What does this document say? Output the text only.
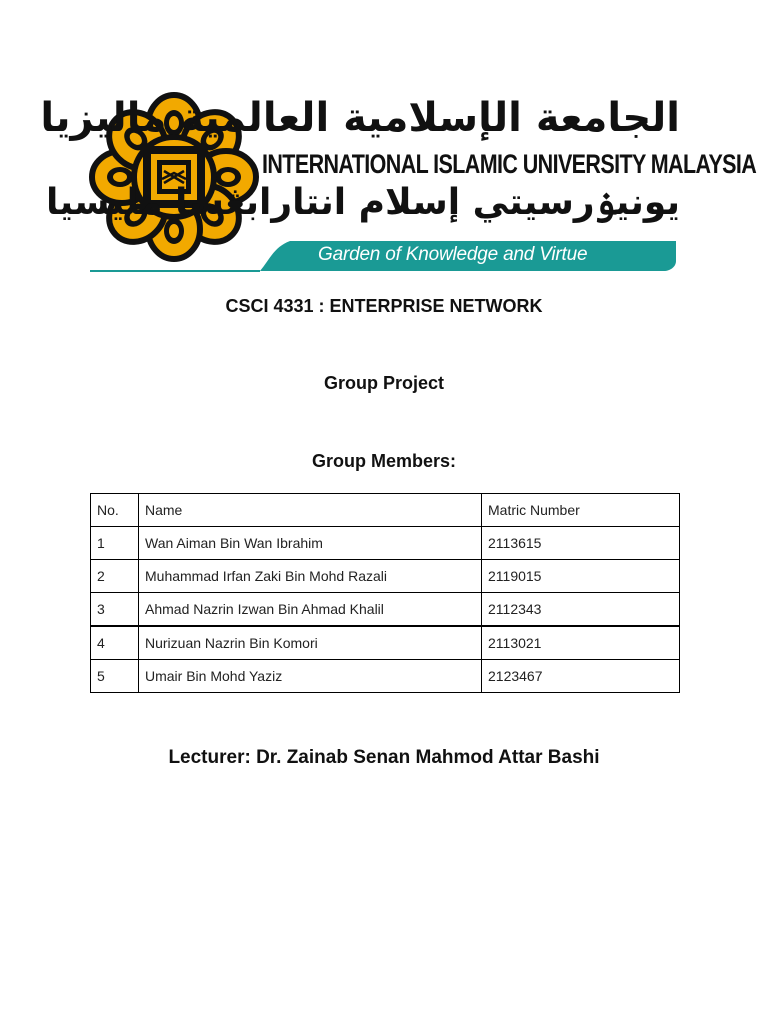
الجامعة الإسلامية العالمية ماليزيا
INTERNATIONAL ISLAMIC UNIVERSITY MALAYSIA
يونيۏرسيتي إسلام انتارابڠسا مليسيا
Garden of Knowledge and Virtue
CSCI 4331 : ENTERPRISE NETWORK
Group Project
Group Members:
No.	Name	Matric Number
1	Wan Aiman Bin Wan Ibrahim	2113615
2	Muhammad Irfan Zaki Bin Mohd Razali	2119015
3	Ahmad Nazrin Izwan Bin Ahmad Khalil	2112343
4	Nurizuan Nazrin Bin Komori	2113021
5	Umair Bin Mohd Yaziz	2123467
Lecturer: Dr. Zainab Senan Mahmod Attar Bashi
